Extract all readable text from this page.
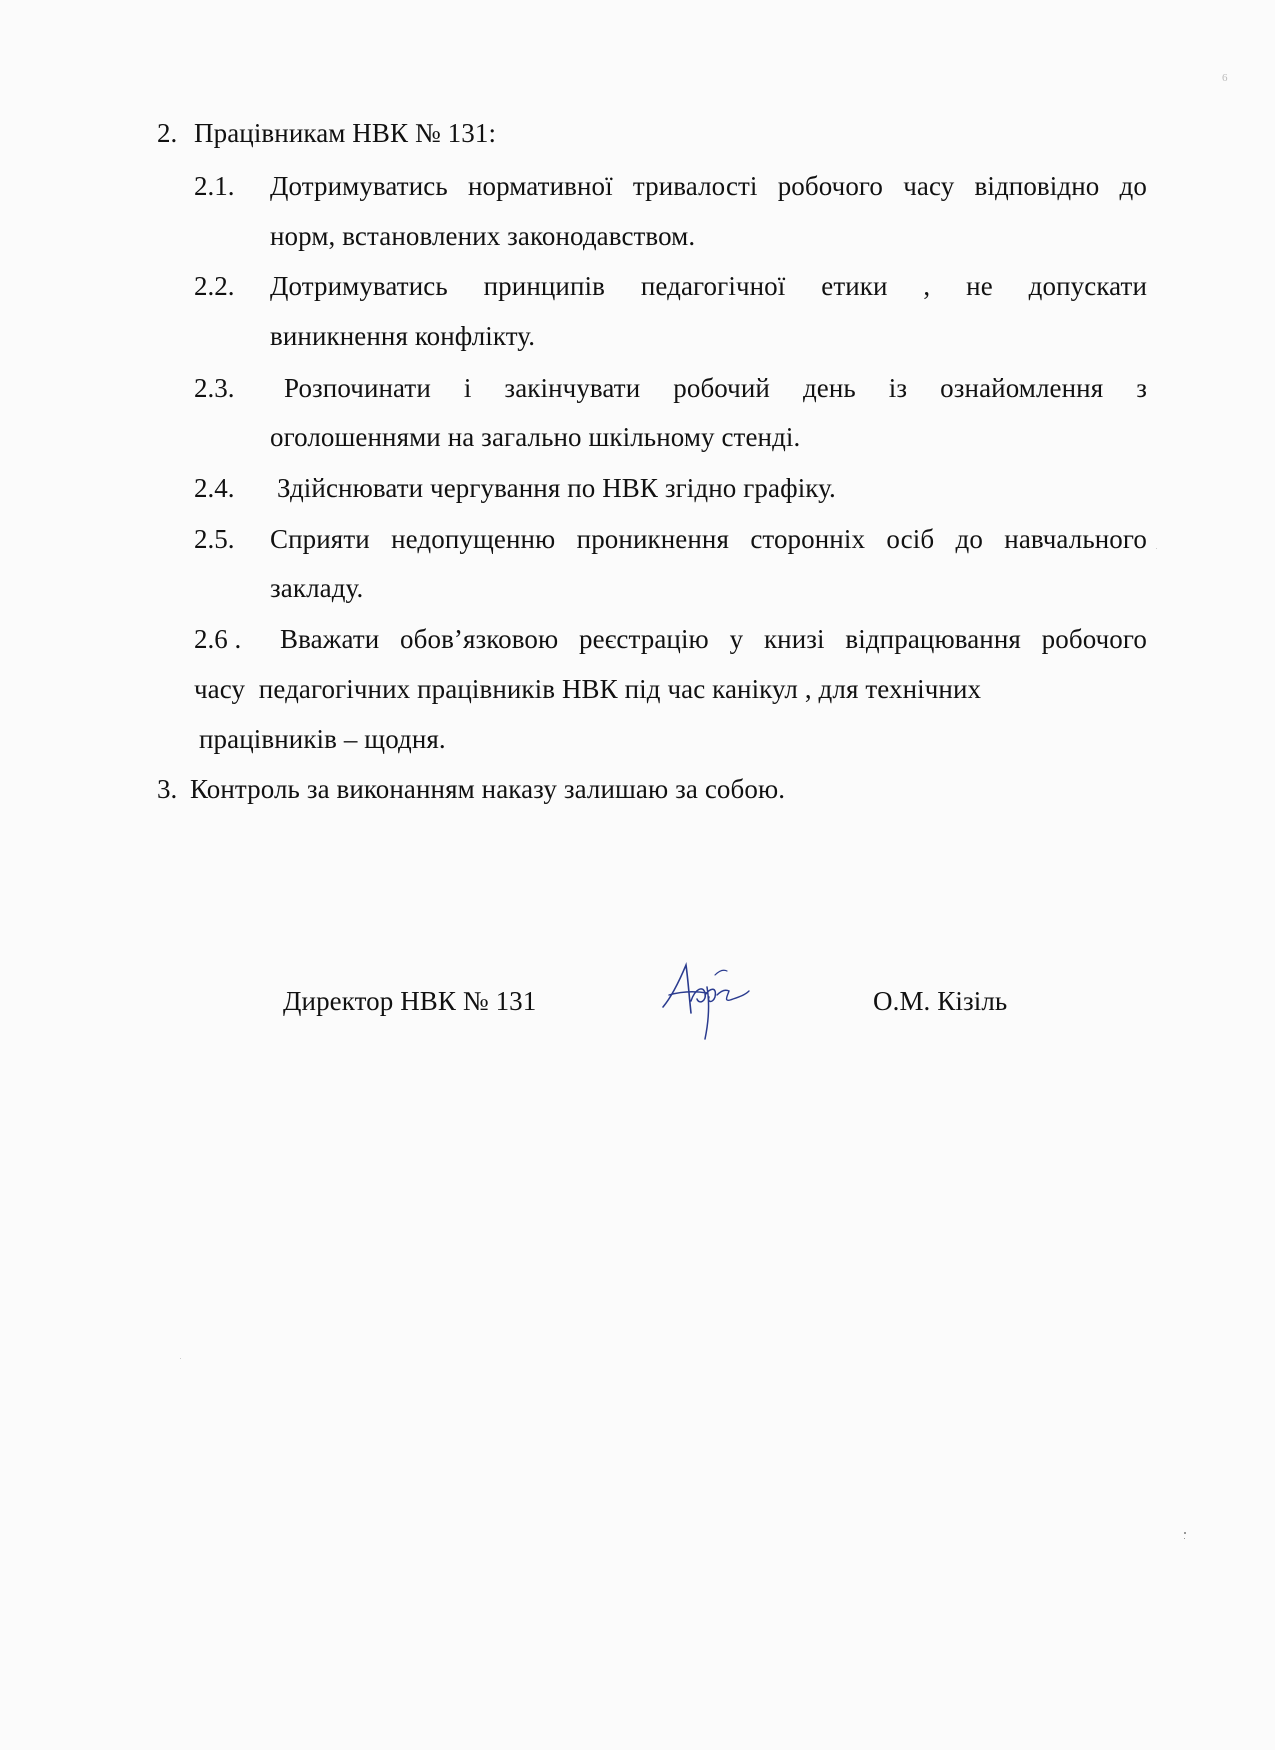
6
2. Працівникам НВК № 131:
2.1. Дотримуватись нормативної тривалості робочого часу відповідно до
норм, встановлених законодавством.
2.2. Дотримуватись принципів педагогічної етики , не допускати
виникнення конфлікту.
2.3. Розпочинати і закінчувати робочий день із ознайомлення з
оголошеннями на загально шкільному стенді.
2.4. Здійснювати чергування по НВК згідно графіку.
2.5. Сприяти недопущенню проникнення сторонніх осіб до навчального
закладу.
2.6 . Вважати обов’язковою реєстрацію у книзі відпрацювання робочого
часу  педагогічних працівників НВК під час канікул , для технічних
працівників – щодня.
3. Контроль за виконанням наказу залишаю за собою.
Директор НВК № 131	О.М. Кізіль
